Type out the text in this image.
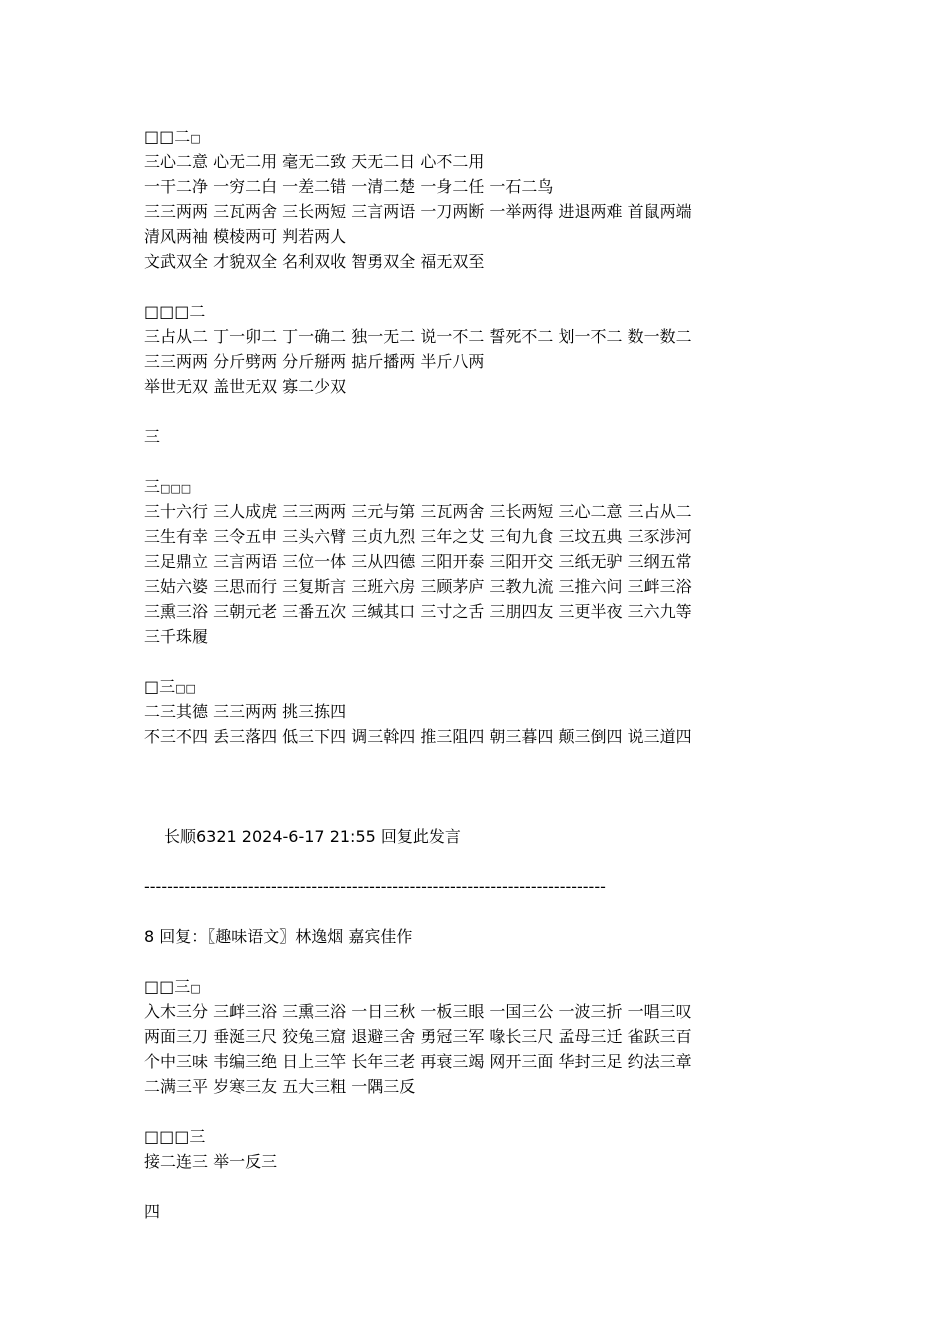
□□二□
三心二意 心无二用 毫无二致 天无二日 心不二用
一干二净 一穷二白 一差二错 一清二楚 一身二任 一石二鸟
三三两两 三瓦两舍 三长两短 三言两语 一刀两断 一举两得 进退两难 首鼠两端
清风两袖 模棱两可 判若两人
文武双全 才貌双全 名利双收 智勇双全 福无双至
□□□二
三占从二 丁一卯二 丁一确二 独一无二 说一不二 誓死不二 划一不二 数一数二
三三两两 分斤劈两 分斤掰两 掂斤播两 半斤八两
举世无双 盖世无双 寡二少双
三
三□□□
三十六行 三人成虎 三三两两 三元与第 三瓦两舍 三长两短 三心二意 三占从二
三生有幸 三令五申 三头六臂 三贞九烈 三年之艾 三旬九食 三坟五典 三豕涉河
三足鼎立 三言两语 三位一体 三从四德 三阳开泰 三阳开交 三纸无驴 三纲五常
三姑六婆 三思而行 三复斯言 三班六房 三顾茅庐 三教九流 三推六问 三衅三浴
三熏三浴 三朝元老 三番五次 三缄其口 三寸之舌 三朋四友 三更半夜 三六九等
三千珠履
□三□□
二三其德 三三两两 挑三拣四
不三不四 丢三落四 低三下四 调三斡四 推三阻四 朝三暮四 颠三倒四 说三道四
长顺6321 2024-6-17 21:55 回复此发言
--------------------------------------------------------------------------------
8 回复：〖趣味语文〗林逸烟 嘉宾佳作
□□三□
入木三分 三衅三浴 三熏三浴 一日三秋 一板三眼 一国三公 一波三折 一唱三叹
两面三刀 垂涎三尺 狡兔三窟 退避三舍 勇冠三军 喙长三尺 孟母三迁 雀跃三百
个中三味 韦编三绝 日上三竿 长年三老 再衰三竭 网开三面 华封三足 约法三章
二满三平 岁寒三友 五大三粗 一隅三反
□□□三
接二连三 举一反三
四
